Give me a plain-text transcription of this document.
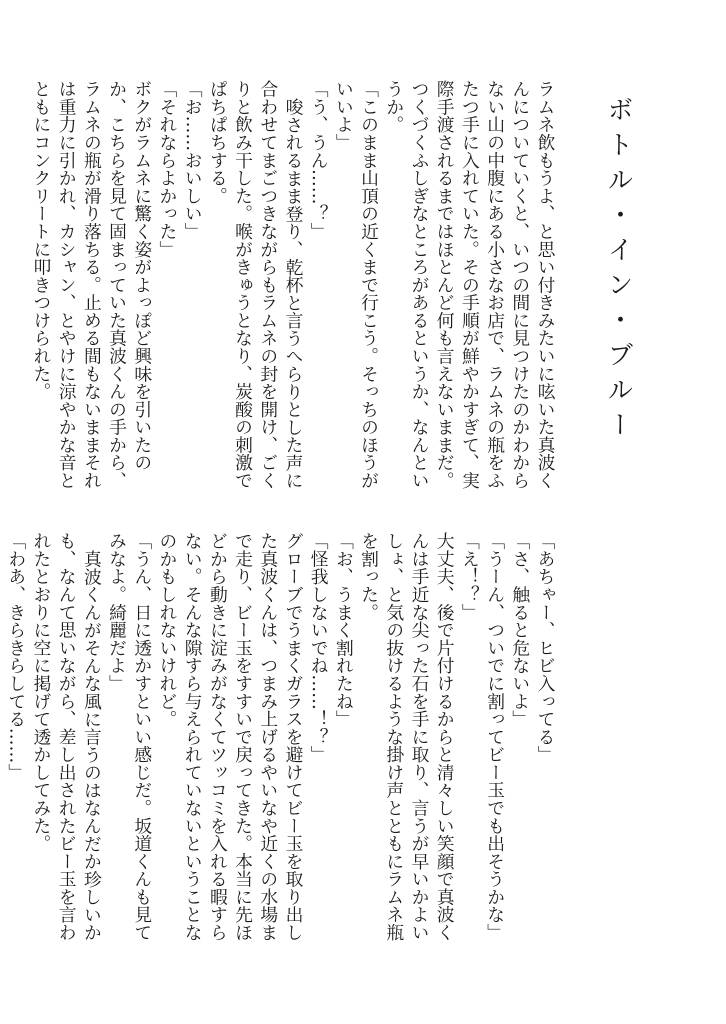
ボトル・イン・ブルー

ラムネ飲もうよ、と思い付きみたいに呟いた真波くんについていくと、いつの間に見つけたのかわからない山の中腹にある小さなお店で、ラムネの瓶をふたつ手に入れていた。その手順が鮮やかすぎて、実際手渡されるまではほとんど何も言えないままだ。つくづくふしぎなところがあるというか、なんというか。

「このまま山頂の近くまで行こう。そっちのほうがいいよ」

「う、うん……？」

唆されるまま登り、乾杯と言うへらりとした声に合わせてまごつきながらもラムネの封を開け、ごくりと飲み干した。喉がきゅうとなり、炭酸の刺激でぱちぱちする。

「お……おいしい」

「それならよかった」

ボクがラムネに驚く姿がよっぽど興味を引いたのか、こちらを見て固まっていた真波くんの手から、ラムネの瓶が滑り落ちる。止める間もないままそれは重力に引かれ、カシャン、とやけに涼やかな音とともにコンクリートに叩きつけられた。

「あちゃー、ヒビ入ってる」

「さ、触ると危ないよ」

「うーん、ついでに割ってビー玉でも出そうかな」

「え！？」

大丈夫、後で片付けるからと清々しい笑顔で真波くんは手近な尖った石を手に取り、言うが早いかよいしょ、と気の抜けるような掛け声とともにラムネ瓶を割った。

「お、うまく割れたね」

「怪我しないでね……！？」

グローブでうまくガラスを避けてビー玉を取り出した真波くんは、つまみ上げるやいなや近くの水場まで走り、ビー玉をすすいで戻ってきた。本当に先ほどから動きに淀みがなくてツッコミを入れる暇すらない。そんな隙すら与えられていないということなのかもしれないけれど。

「うん、日に透かすといい感じだ。坂道くんも見てみなよ。綺麗だよ」

真波くんがそんな風に言うのはなんだか珍しいかも、なんて思いながら、差し出されたビー玉を言われたとおりに空に掲げて透かしてみた。

「わあ、きらきらしてる……」
